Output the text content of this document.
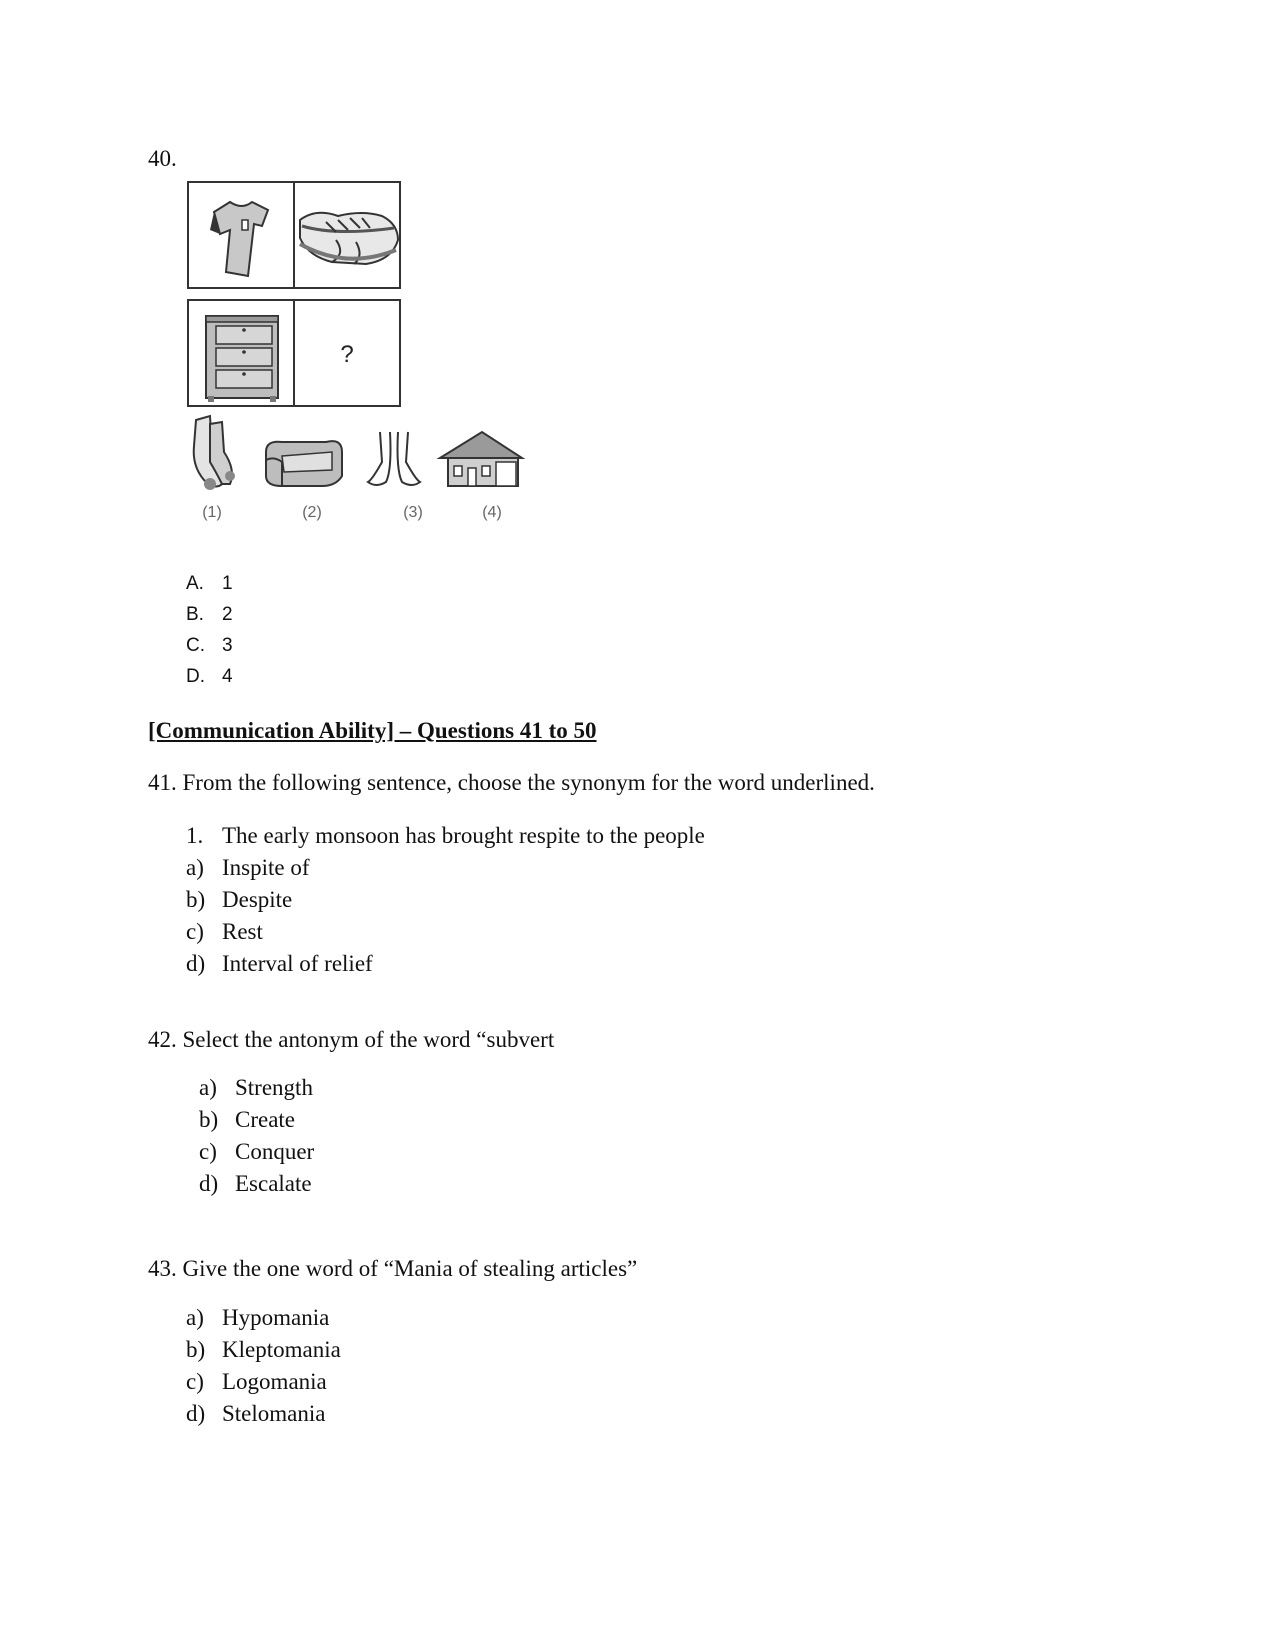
40.
?
(1)	(2)	(3)	(4)
A. 1
B. 2
C. 3
D. 4
[Communication Ability] – Questions 41 to 50
41. From the following sentence, choose the synonym for the word underlined.
1. The early monsoon has brought respite to the people
a) Inspite of
b) Despite
c) Rest
d) Interval of relief
42. Select the antonym of the word “subvert
a) Strength
b) Create
c) Conquer
d) Escalate
43. Give the one word of “Mania of stealing articles”
a) Hypomania
b) Kleptomania
c) Logomania
d) Stelomania
